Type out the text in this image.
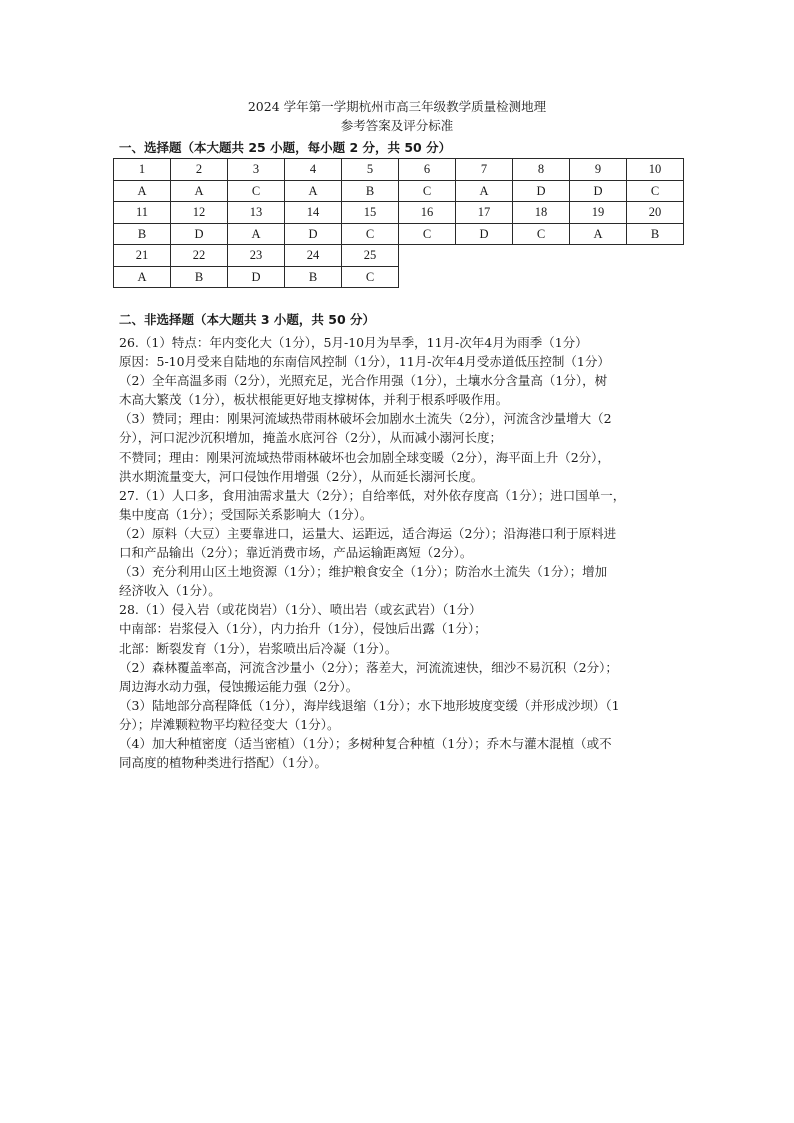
2024 学年第一学期杭州市高三年级教学质量检测地理
参考答案及评分标准
一、选择题（本大题共 25 小题，每小题 2 分，共 50 分）
1	2	3	4	5	6	7	8	9	10
A	A	C	A	B	C	A	D	D	C
11	12	13	14	15	16	17	18	19	20
B	D	A	D	C	C	D	C	A	B
21	22	23	24	25					
A	B	D	B	C					
二、非选择题（本大题共 3 小题，共 50 分）
26.（1）特点：年内变化大（1分），5月-10月为旱季，11月-次年4月为雨季（1分）
原因：5-10月受来自陆地的东南信风控制（1分），11月-次年4月受赤道低压控制（1分）
（2）全年高温多雨（2分），光照充足，光合作用强（1分），土壤水分含量高（1分），树
木高大繁茂（1分），板状根能更好地支撑树体，并利于根系呼吸作用。
（3）赞同；理由：刚果河流域热带雨林破坏会加剧水土流失（2分），河流含沙量增大（2
分），河口泥沙沉积增加，掩盖水底河谷（2分），从而减小溺河长度；
不赞同；理由：刚果河流域热带雨林破坏也会加剧全球变暖（2分），海平面上升（2分），
洪水期流量变大，河口侵蚀作用增强（2分），从而延长溺河长度。
27.（1）人口多，食用油需求量大（2分）；自给率低，对外依存度高（1分）；进口国单一，
集中度高（1分）；受国际关系影响大（1分）。
（2）原料（大豆）主要靠进口，运量大、运距远，适合海运（2分）；沿海港口利于原料进
口和产品输出（2分）；靠近消费市场，产品运输距离短（2分）。
（3）充分利用山区土地资源（1分）；维护粮食安全（1分）；防治水土流失（1分）；增加
经济收入（1分）。
28.（1）侵入岩（或花岗岩）（1分）、喷出岩（或玄武岩）（1分）
中南部：岩浆侵入（1分），内力抬升（1分），侵蚀后出露（1分）；
北部：断裂发育（1分），岩浆喷出后冷凝（1分）。
（2）森林覆盖率高，河流含沙量小（2分）；落差大，河流流速快，细沙不易沉积（2分）；
周边海水动力强，侵蚀搬运能力强（2分）。
（3）陆地部分高程降低（1分），海岸线退缩（1分）；水下地形坡度变缓（并形成沙坝）（1
分）；岸滩颗粒物平均粒径变大（1分）。
（4）加大种植密度（适当密植）（1分）；多树种复合种植（1分）；乔木与灌木混植（或不
同高度的植物种类进行搭配）（1分）。
